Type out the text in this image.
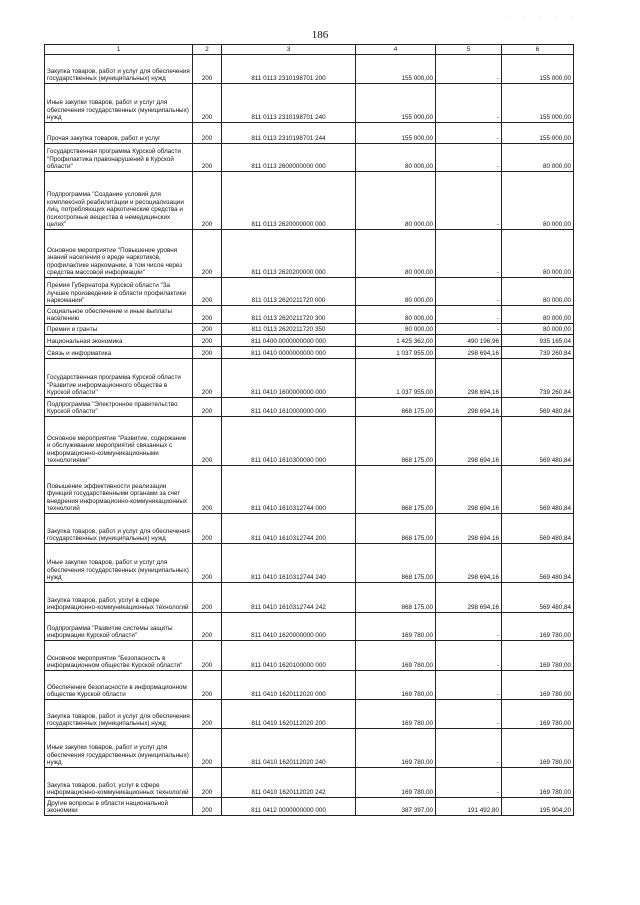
186
· · · · ·
1	2	3	4	5	6
Закупка товаров, работ и услуг для обеспечения государственных (муниципальных) нужд	200	811 0113 2310198701 200	155 000,00	-	155 000,00
Иные закупки товаров, работ и услуг для обеспечения государственных (муниципальных) нужд	200	811 0113 2310198701 240	155 000,00	-	155 000,00
Прочая закупка товаров, работ и услуг	200	811 0113 2310198701 244	155 000,00	-	155 000,00
Государственная программа Курской области "Профилактика правонарушений в Курской области"	200	811 0113 2600000000 000	80 000,00	-	80 000,00
Подпрограмма "Создание условий для комплексной реабилитации и ресоциализации лиц, потребляющих наркотические средства и психотропные вещества в немедицинских целях"	200	811 0113 2620000000 000	80 000,00	-	80 000,00
Основное мероприятие "Повышение уровня знаний населения о вреде наркотиков, профилактике наркомании, в том числе через средства массовой информации"	200	811 0113 2620200000 000	80 000,00	-	80 000,00
Премия Губернатора Курской области "За лучшее произведение в области профилактики наркомании"	200	811 0113 2620211720 000	80 000,00	-	80 000,00
Социальное обеспечение и иные выплаты населению	200	811 0113 2620211720 300	80 000,00	-	80 000,00
Премии и гранты	200	811 0113 2620211720 350	80 000,00	-	80 000,00
Национальная экономика	200	811 0400 0000000000 000	1 425 362,00	490 196,96	935 165,04
Связь и информатика	200	811 0410 0000000000 000	1 037 955,00	298 694,16	739 260,84
Государственная программа Курской области "Развитие информационного общества в Курской области"	200	811 0410 1600000000 000	1 037 955,00	298 694,16	739 260,84
Подпрограмма "Электронное правительство Курской области"	200	811 0410 1610000000 000	868 175,00	298 694,16	569 480,84
Основное мероприятие "Развитие, содержание и обслуживание мероприятий связанных с информационно-коммуникационными технологиями"	200	811 0410 1610300000 000	868 175,00	298 694,16	569 480,84
Повышение эффективности реализации функций государственными органами за счет внедрения информационно-коммуникационных технологий	200	811 0410 1610312744 000	868 175,00	298 694,16	569 480,84
Закупка товаров, работ и услуг для обеспечения государственных (муниципальных) нужд	200	811 0410 1610312744 200	868 175,00	298 694,16	569 480,84
Иные закупки товаров, работ и услуг для обеспечения государственных (муниципальных) нужд	200	811 0410 1610312744 240	868 175,00	298 694,16	569 480,84
Закупка товаров, работ, услуг в сфере информационно-коммуникационных технологий	200	811 0410 1610312744 242	868 175,00	298 694,16	569 480,84
Подпрограмма "Развитие системы защиты информации Курской области"	200	811 0410 1620000000 000	169 780,00	-	169 780,00
Основное мероприятие "Безопасность в информационном обществе Курской области"	200	811 0410 1620100000 000	169 780,00	-	169 780,00
Обеспечение безопасности в информационном обществе Курской области	200	811 0410 1620112020 000	169 780,00	-	169 780,00
Закупка товаров, работ и услуг для обеспечения государственных (муниципальных) нужд	200	811 0410 1620112020 200	169 780,00	-	169 780,00
Иные закупки товаров, работ и услуг для обеспечения государственных (муниципальных) нужд	200	811 0410 1620112020 240	169 780,00	-	169 780,00
Закупка товаров, работ, услуг в сфере информационно-коммуникационных технологий	200	811 0410 1620112020 242	169 780,00	-	169 780,00
Другие вопросы в области национальной экономики	200	811 0412 0000000000 000	387 397,00	191 492,80	195 904,20
